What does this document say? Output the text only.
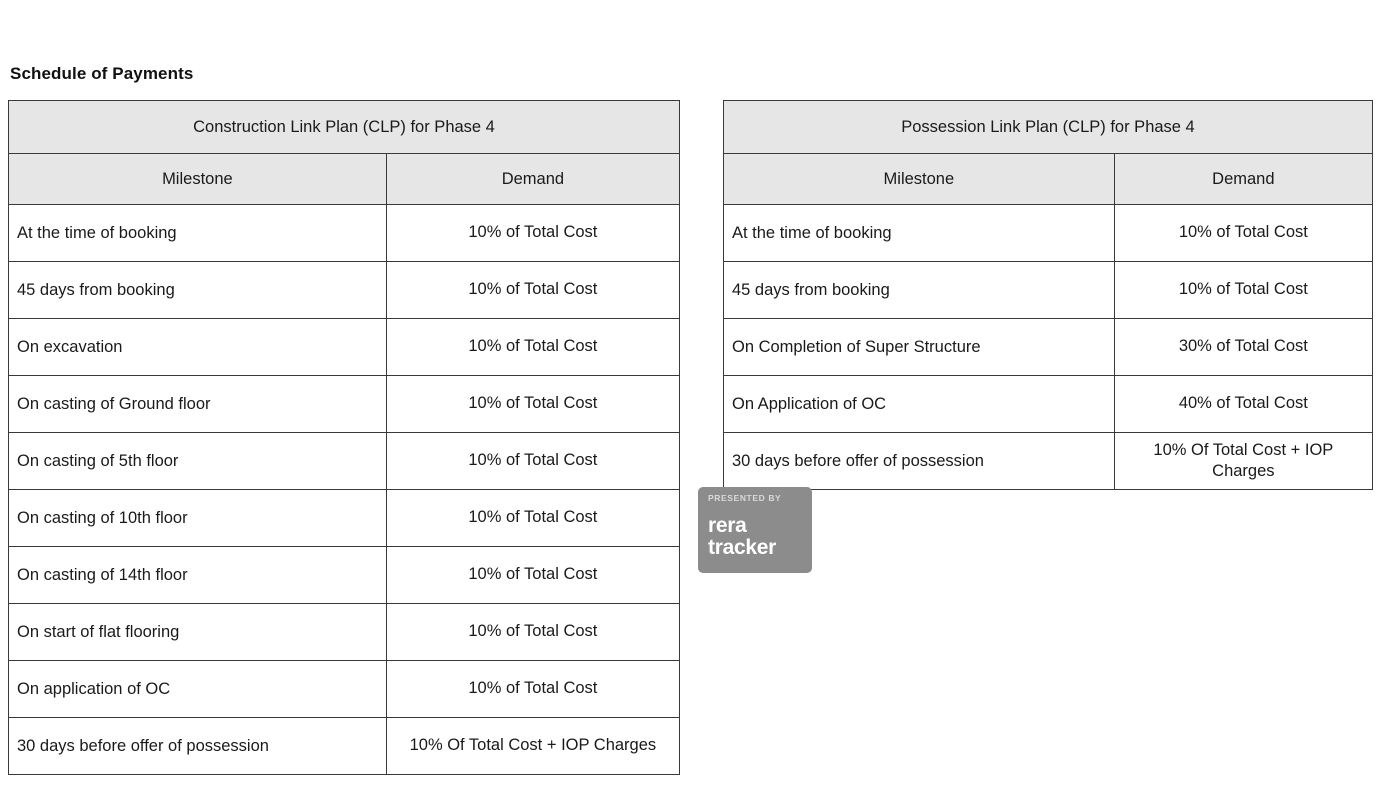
Schedule of Payments
Construction Link Plan (CLP) for Phase 4	
Milestone	Demand
At the time of booking	10% of Total Cost
45 days from booking	10% of Total Cost
On excavation	10% of Total Cost
On casting of Ground floor	10% of Total Cost
On casting of 5th floor	10% of Total Cost
On casting of 10th floor	10% of Total Cost
On casting of 14th floor	10% of Total Cost
On start of flat flooring	10% of Total Cost
On application of OC	10% of Total Cost
30 days before offer of possession	10% Of Total Cost + IOP Charges
Possession Link Plan (CLP) for Phase 4	
Milestone	Demand
At the time of booking	10% of Total Cost
45 days from booking	10% of Total Cost
On Completion of Super Structure	30% of Total Cost
On Application of OC	40% of Total Cost
30 days before offer of possession	10% Of Total Cost + IOP Charges
PRESENTED BY
rera
tracker
